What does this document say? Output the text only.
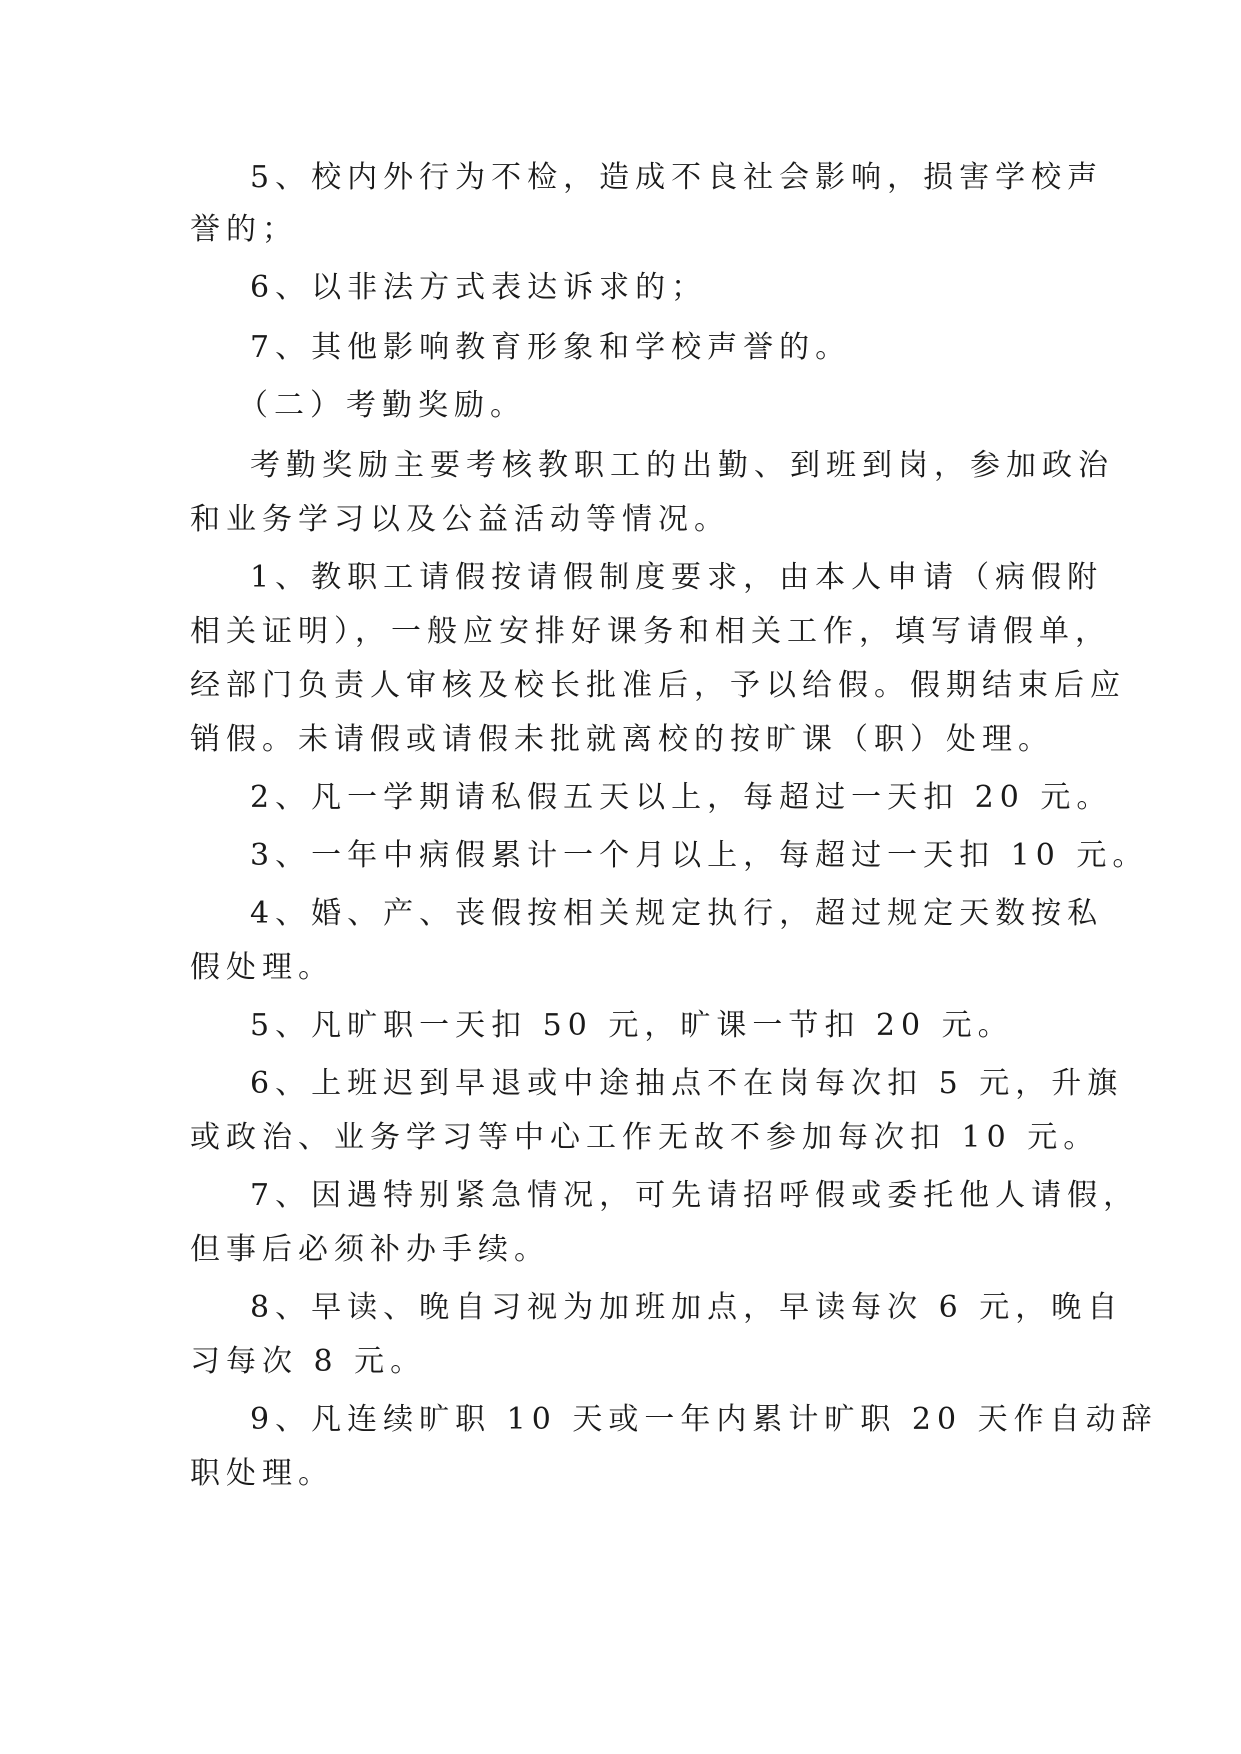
5、校内外行为不检，造成不良社会影响，损害学校声
誉的；
6、以非法方式表达诉求的；
7、其他影响教育形象和学校声誉的。
（二）考勤奖励。
考勤奖励主要考核教职工的出勤、到班到岗，参加政治
和业务学习以及公益活动等情况。
1、教职工请假按请假制度要求，由本人申请（病假附
相关证明），一般应安排好课务和相关工作，填写请假单，
经部门负责人审核及校长批准后，予以给假。假期结束后应
销假。未请假或请假未批就离校的按旷课（职）处理。
2、凡一学期请私假五天以上，每超过一天扣 20 元。
3、一年中病假累计一个月以上，每超过一天扣 10 元。
4、婚、产、丧假按相关规定执行，超过规定天数按私
假处理。
5、凡旷职一天扣 50 元，旷课一节扣 20 元。
6、上班迟到早退或中途抽点不在岗每次扣 5 元，升旗
或政治、业务学习等中心工作无故不参加每次扣 10 元。
7、因遇特别紧急情况，可先请招呼假或委托他人请假，
但事后必须补办手续。
8、早读、晚自习视为加班加点，早读每次 6 元，晚自
习每次 8 元。
9、凡连续旷职 10 天或一年内累计旷职 20 天作自动辞
职处理。
